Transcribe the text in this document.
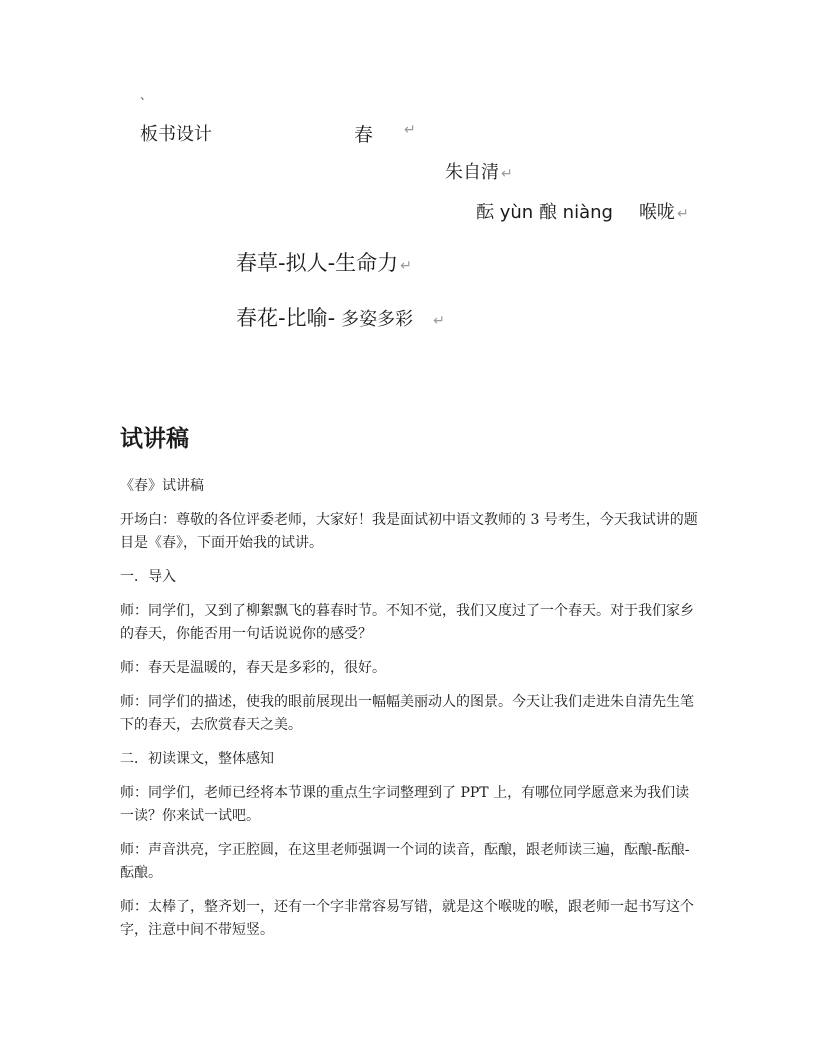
、
板书设计	春 ↵
朱自清 ↵
酝 yùn 酿 niàng 喉咙 ↵
春草-拟人-生命力 ↵
春花-比喻- 多姿多彩 ↵
试讲稿

《春》试讲稿

开场白：尊敬的各位评委老师，大家好！我是面试初中语文教师的 3 号考生，今天我试讲的题目是《春》，下面开始我的试讲。

一．导入

师：同学们，又到了柳絮飘飞的暮春时节。不知不觉，我们又度过了一个春天。对于我们家乡的春天，你能否用一句话说说你的感受？

师：春天是温暖的，春天是多彩的，很好。

师：同学们的描述，使我的眼前展现出一幅幅美丽动人的图景。今天让我们走进朱自清先生笔下的春天，去欣赏春天之美。

二．初读课文，整体感知

师：同学们，老师已经将本节课的重点生字词整理到了 PPT 上，有哪位同学愿意来为我们读一读？你来试一试吧。

师：声音洪亮，字正腔圆，在这里老师强调一个词的读音，酝酿，跟老师读三遍，酝酿-酝酿-酝酿。

师：太棒了，整齐划一，还有一个字非常容易写错，就是这个喉咙的喉，跟老师一起书写这个字，注意中间不带短竖。
